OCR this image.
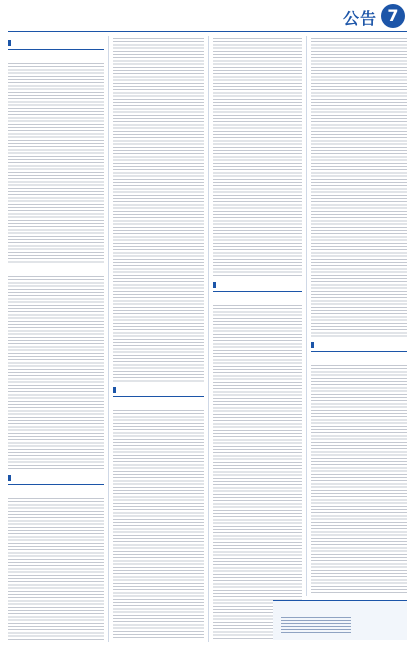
公告 7
